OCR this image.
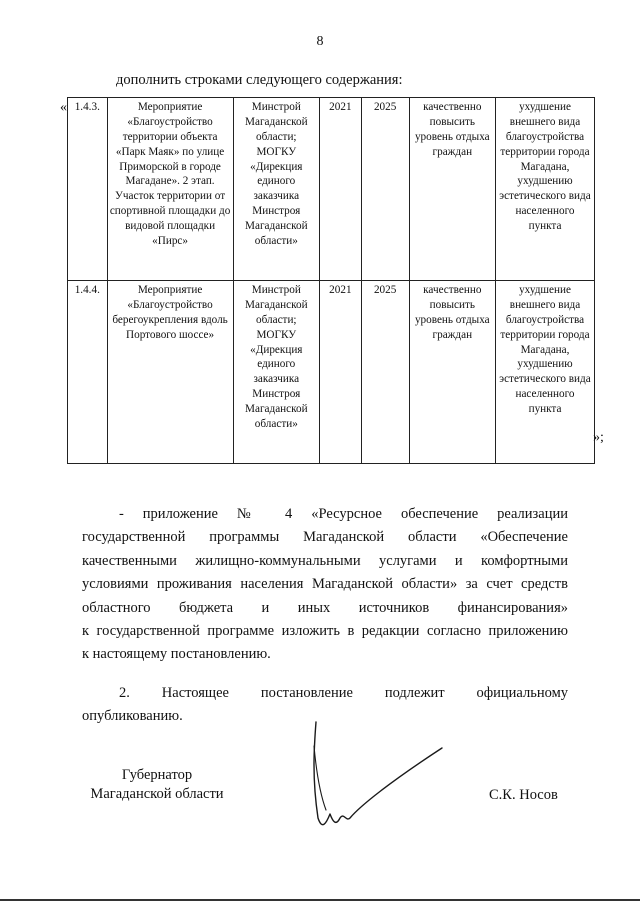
8
дополнить строками следующего содержания:
« 1.4.3.	Мероприятие «Благоустройство территории объекта «Парк Маяк» по улице Приморской в городе Магадане». 2 этап. Участок территории от спортивной площадки до видовой площадки «Пирс»	Минстрой Магаданской области; МОГКУ «Дирекция единого заказчика Минстроя Магаданской области»	2021	2025	качественно повысить уровень отдыха граждан	ухудшение внешнего вида благоустройства территории города Магадана, ухудшению эстетического вида населенного пункта
1.4.4.	Мероприятие «Благоустройство берегоукрепления вдоль Портового шоссе»	Минстрой Магаданской области; МОГКУ «Дирекция единого заказчика Минстроя Магаданской области»	2021	2025	качественно повысить уровень отдыха граждан	ухудшение внешнего вида благоустройства территории города Магадана, ухудшению эстетического вида населенного пункта
»;
- приложение № 4 «Ресурсное обеспечение реализации
государственной программы Магаданской области «Обеспечение
качественными жилищно-коммунальными услугами и комфортными
условиями проживания населения Магаданской области» за счет средств
областного бюджета и иных источников финансирования»
к государственной программе изложить в редакции согласно приложению
к настоящему постановлению.
2. Настоящее постановление подлежит официальному
опубликованию.
Губернатор
Магаданской области	С.К. Носов
